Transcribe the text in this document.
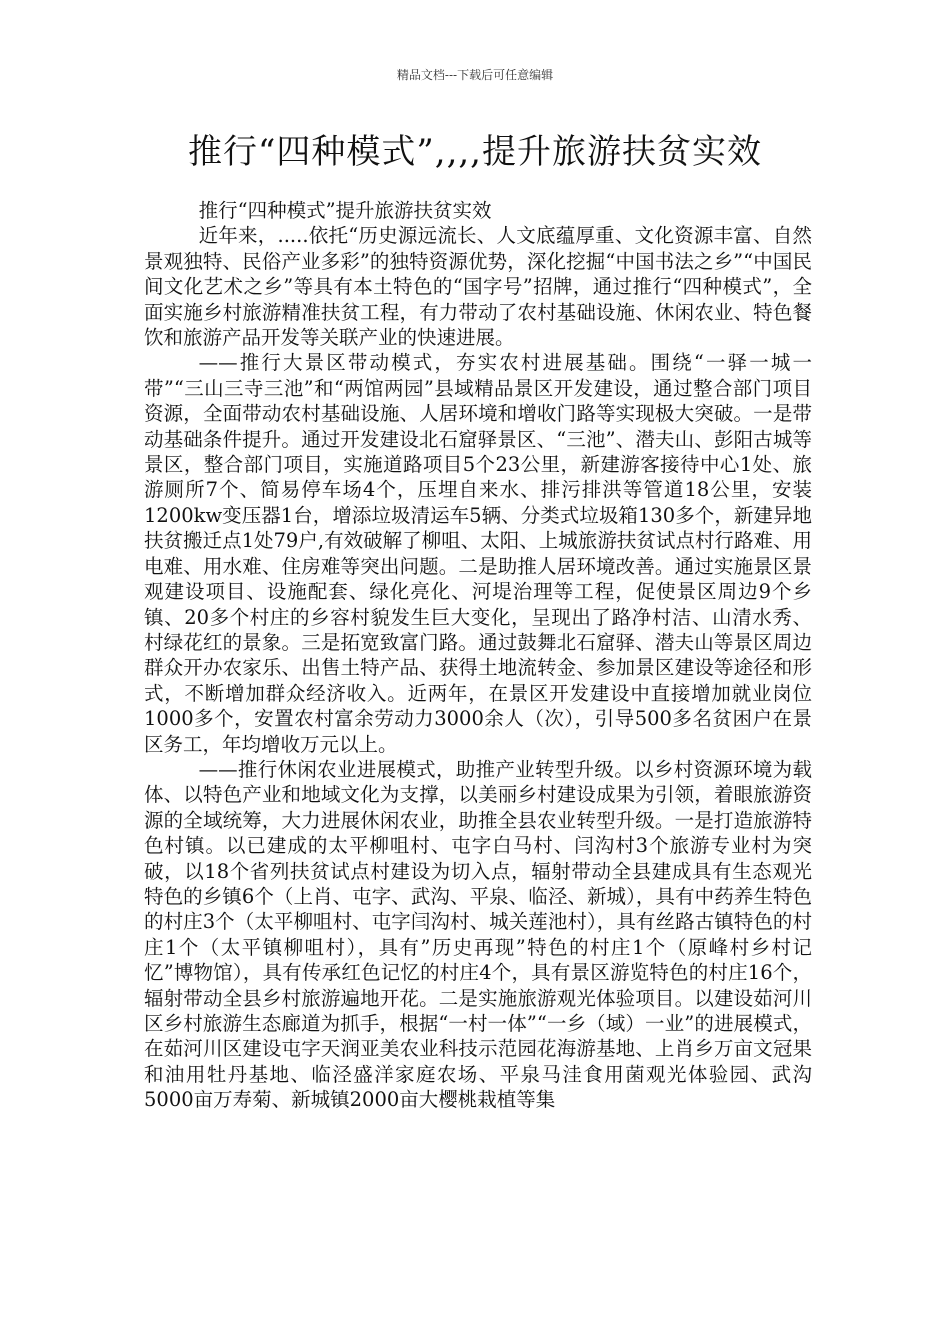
精品文档---下载后可任意编辑
推行“四种模式”,,,,提升旅游扶贫实效

推行“四种模式”提升旅游扶贫实效

近年来，.....依托“历史源远流长、人文底蕴厚重、文化资源丰富、自然景观独特、民俗产业多彩”的独特资源优势，深化挖掘“中国书法之乡”“中国民间文化艺术之乡”等具有本土特色的“国字号”招牌，通过推行“四种模式”，全面实施乡村旅游精准扶贫工程，有力带动了农村基础设施、休闲农业、特色餐饮和旅游产品开发等关联产业的快速进展。

——推行大景区带动模式，夯实农村进展基础。围绕“一驿一城一带”“三山三寺三池”和“两馆两园”县域精品景区开发建设，通过整合部门项目资源，全面带动农村基础设施、人居环境和增收门路等实现极大突破。一是带动基础条件提升。通过开发建设北石窟驿景区、“三池”、潜夫山、彭阳古城等景区，整合部门项目，实施道路项目5个23公里，新建游客接待中心1处、旅游厕所7个、简易停车场4个，压埋自来水、排污排洪等管道18公里，安装1200kw变压器1台，增添垃圾清运车5辆、分类式垃圾箱130多个，新建异地扶贫搬迁点1处79户,有效破解了柳咀、太阳、上城旅游扶贫试点村行路难、用电难、用水难、住房难等突出问题。二是助推人居环境改善。通过实施景区景观建设项目、设施配套、绿化亮化、河堤治理等工程，促使景区周边9个乡镇、20多个村庄的乡容村貌发生巨大变化，呈现出了路净村洁、山清水秀、村绿花红的景象。三是拓宽致富门路。通过鼓舞北石窟驿、潜夫山等景区周边群众开办农家乐、出售土特产品、获得土地流转金、参加景区建设等途径和形式，不断增加群众经济收入。近两年，在景区开发建设中直接增加就业岗位1000多个，安置农村富余劳动力3000余人（次），引导500多名贫困户在景区务工，年均增收万元以上。

——推行休闲农业进展模式，助推产业转型升级。以乡村资源环境为载体、以特色产业和地域文化为支撑，以美丽乡村建设成果为引领，着眼旅游资源的全域统筹，大力进展休闲农业，助推全县农业转型升级。一是打造旅游特色村镇。以已建成的太平柳咀村、屯字白马村、闫沟村3个旅游专业村为突破，以18个省列扶贫试点村建设为切入点，辐射带动全县建成具有生态观光特色的乡镇6个（上肖、屯字、武沟、平泉、临泾、新城），具有中药养生特色的村庄3个（太平柳咀村、屯字闫沟村、城关莲池村），具有丝路古镇特色的村庄1个（太平镇柳咀村），具有”历史再现”特色的村庄1个（原峰村乡村记忆”博物馆），具有传承红色记忆的村庄4个，具有景区游览特色的村庄16个，辐射带动全县乡村旅游遍地开花。二是实施旅游观光体验项目。以建设茹河川区乡村旅游生态廊道为抓手，根据“一村一体”“一乡（域）一业”的进展模式，在茹河川区建设屯字天润亚美农业科技示范园花海游基地、上肖乡万亩文冠果和油用牡丹基地、临泾盛洋家庭农场、平泉马洼食用菌观光体验园、武沟5000亩万寿菊、新城镇2000亩大樱桃栽植等集
